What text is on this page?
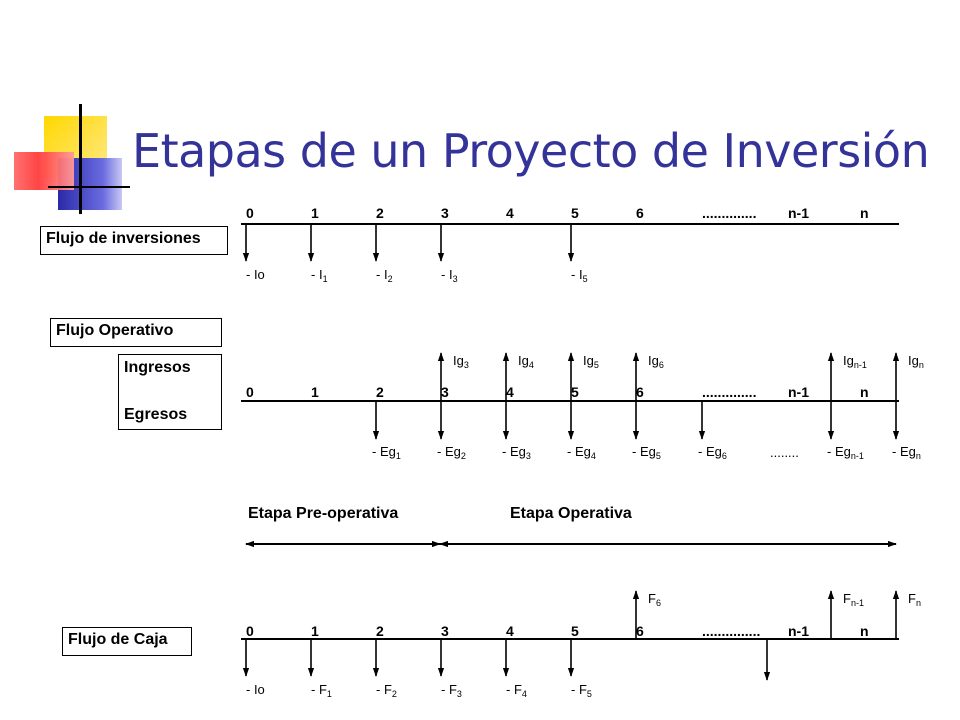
Etapas de un Proyecto de Inversión
Flujo de inversiones
Flujo Operativo
Ingresos
Egresos
Flujo de Caja
0	1	2	3	4	5	6	.............. n-1	n
- Io	- $I_1$	- $I_2$	- $I_3$	- $I_5$
0	1	2	3	4	5	6	.............. n-1	n
- $Eg_1$	- $Eg_2$	- $Eg_3$	- $Eg_4$	- $Eg_5$	- $Eg_6$	- $Eg_{n-1} - Eg_n$
$Ig_3$	$Ig_4$	$Ig_5$	$Ig_6$	$Ig_{n-1}$	$Ig_n$
........
Etapa Pre-operativa	Etapa Operativa
0	1	2	3	4	5	6	............... n-1	n
- Io	- $F_1$	- $F_2$	- $F_3$	- $F_4$	- $F_5$
$F_6$	$F_{n-1}$	$F_n$
